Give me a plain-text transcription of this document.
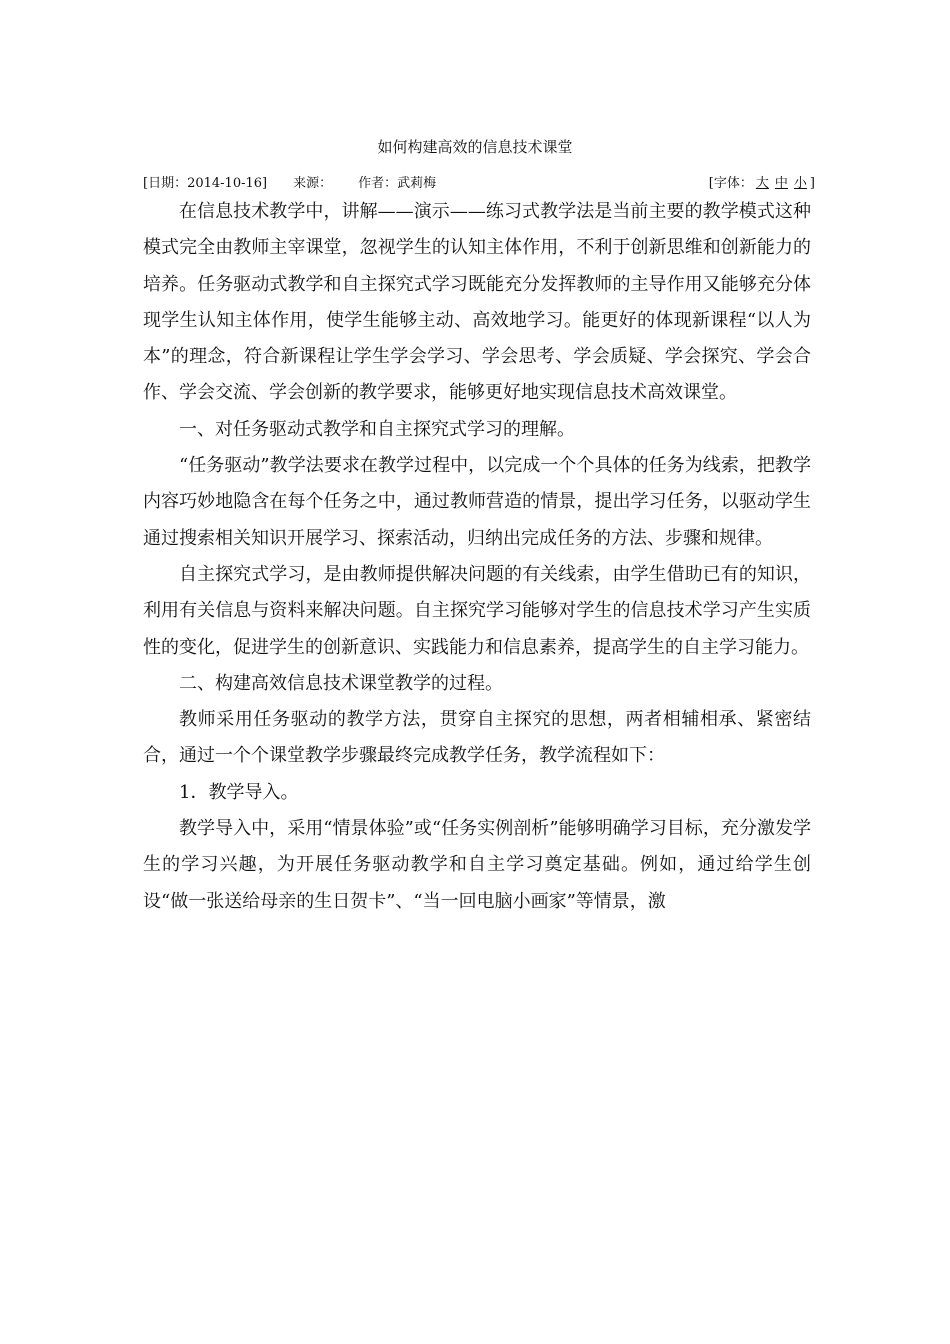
如何构建高效的信息技术课堂
[日期：2014-10-16] 来源： 作者：武莉梅	[字体： 大 中 小 ]

在信息技术教学中，讲解——演示——练习式教学法是当前主要的教学模式这种模式完全由教师主宰课堂，忽视学生的认知主体作用，不利于创新思维和创新能力的培养。任务驱动式教学和自主探究式学习既能充分发挥教师的主导作用又能够充分体现学生认知主体作用，使学生能够主动、高效地学习。能更好的体现新课程“以人为本”的理念，符合新课程让学生学会学习、学会思考、学会质疑、学会探究、学会合作、学会交流、学会创新的教学要求，能够更好地实现信息技术高效课堂。

一、对任务驱动式教学和自主探究式学习的理解。

“任务驱动”教学法要求在教学过程中，以完成一个个具体的任务为线索，把教学内容巧妙地隐含在每个任务之中，通过教师营造的情景，提出学习任务，以驱动学生通过搜索相关知识开展学习、探索活动，归纳出完成任务的方法、步骤和规律。

自主探究式学习，是由教师提供解决问题的有关线索，由学生借助已有的知识， 利用有关信息与资料来解决问题。自主探究学习能够对学生的信息技术学习产生实质性的变化，促进学生的创新意识、实践能力和信息素养，提高学生的自主学习能力。

二、构建高效信息技术课堂教学的过程。

教师采用任务驱动的教学方法，贯穿自主探究的思想，两者相辅相承、紧密结合，通过一个个课堂教学步骤最终完成教学任务，教学流程如下：

1．教学导入。

教学导入中，采用“情景体验”或“任务实例剖析”能够明确学习目标，充分激发学生的学习兴趣，为开展任务驱动教学和自主学习奠定基础。例如，通过给学生创设“做一张送给母亲的生日贺卡”、“当一回电脑小画家”等情景，激
